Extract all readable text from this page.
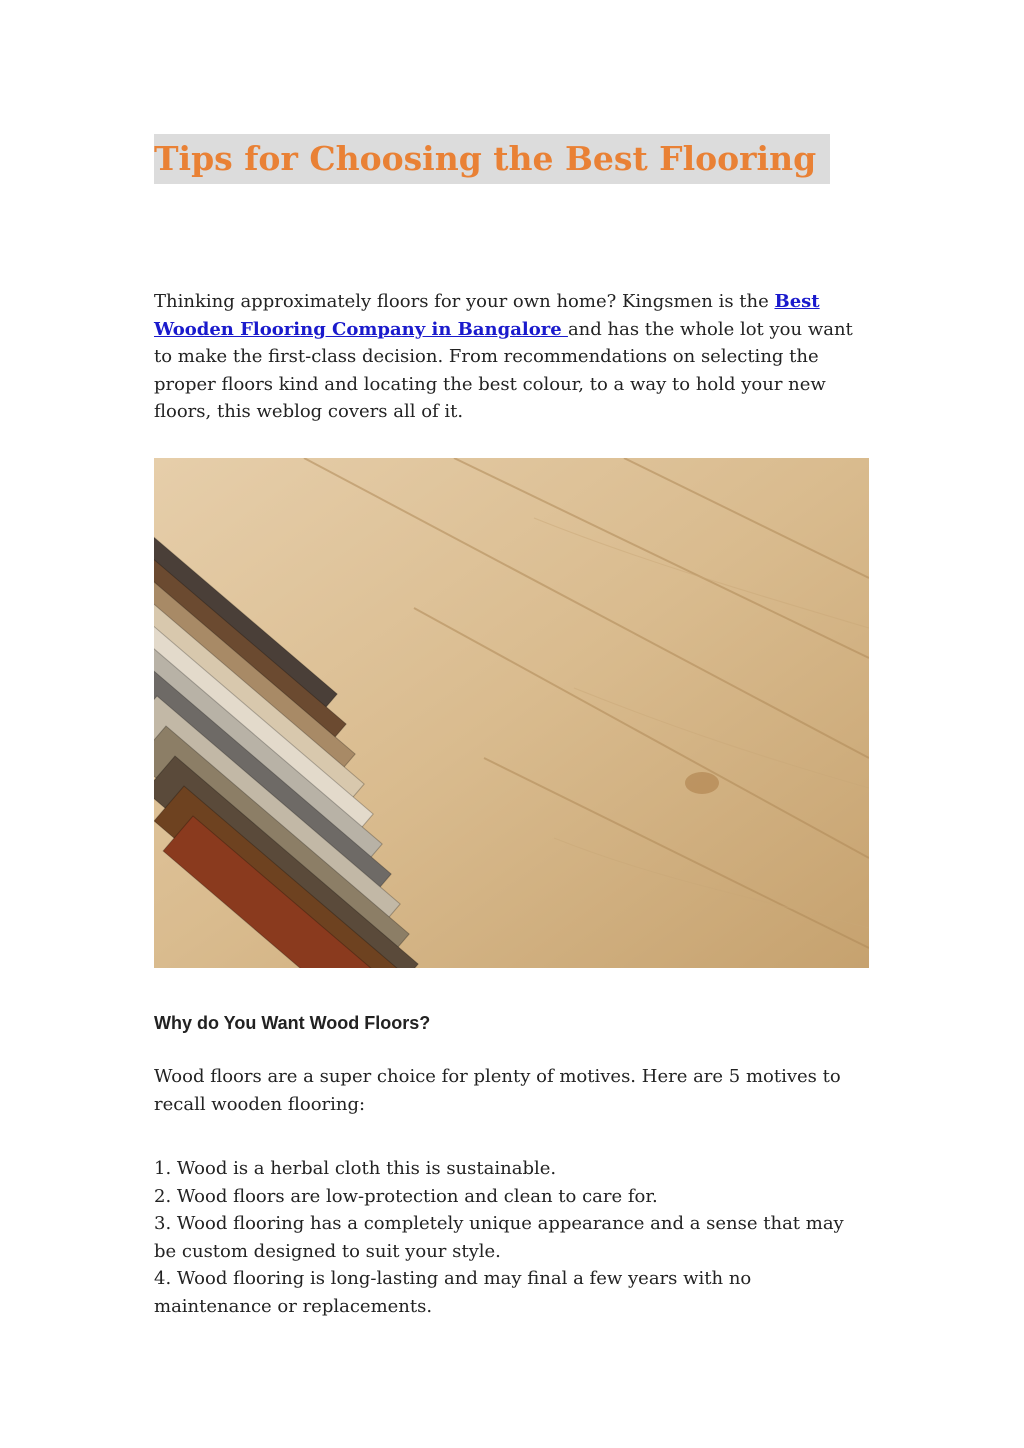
Tips for Choosing the Best Flooring

Thinking approximately floors for your own home? Kingsmen is the Best Wooden Flooring Company in Bangalore and has the whole lot you want to make the first-class decision. From recommendations on selecting the proper floors kind and locating the best colour, to a way to hold your new floors, this weblog covers all of it.

Why do You Want Wood Floors?

Wood floors are a super choice for plenty of motives. Here are 5 motives to recall wooden flooring:

1. Wood is a herbal cloth this is sustainable.
2. Wood floors are low-protection and clean to care for.
3. Wood flooring has a completely unique appearance and a sense that may be custom designed to suit your style.
4. Wood flooring is long-lasting and may final a few years with no maintenance or replacements.
